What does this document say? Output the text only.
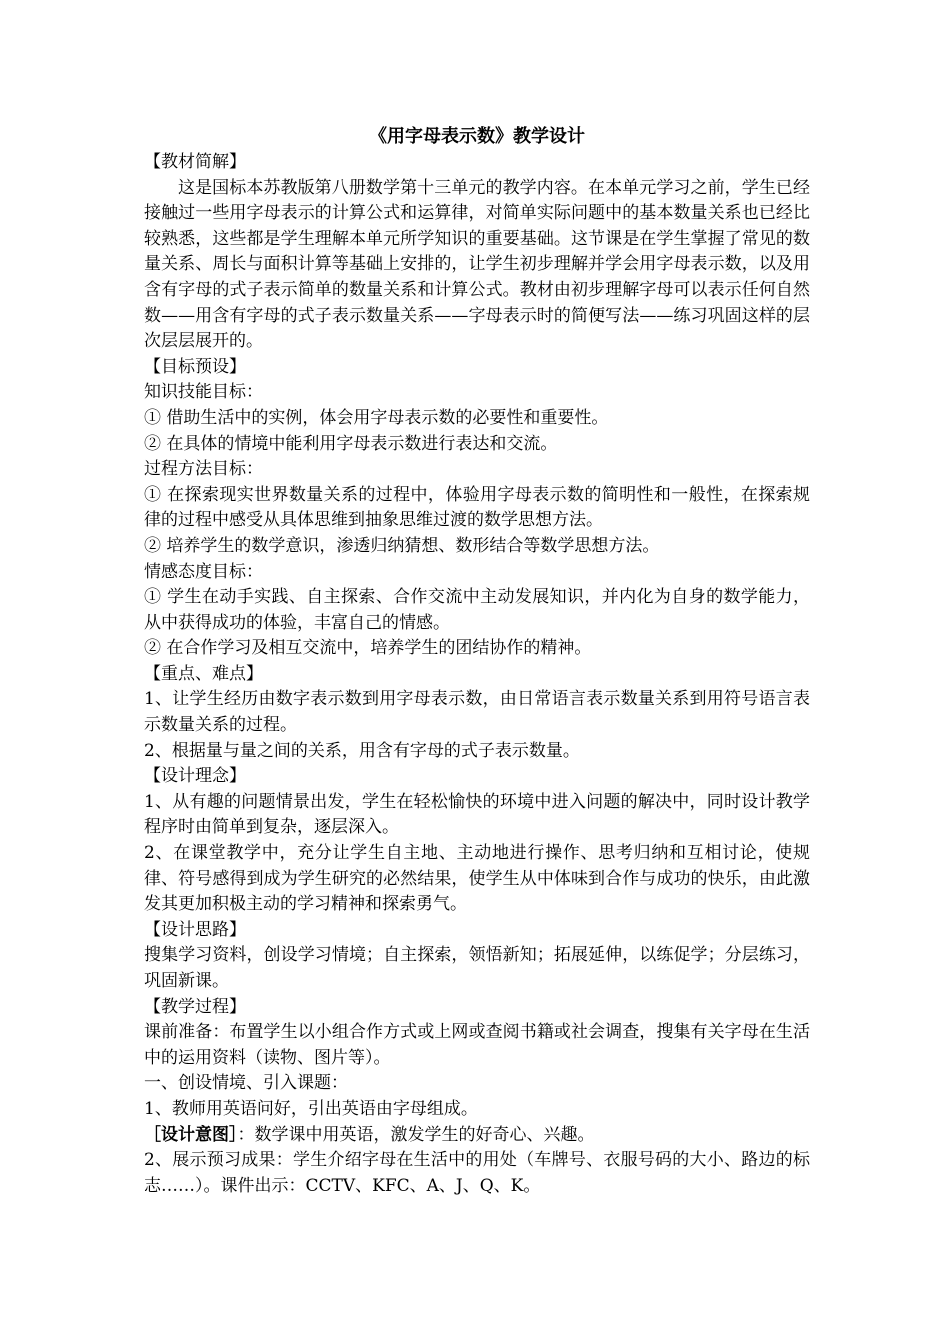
《用字母表示数》教学设计

【教材简解】

这是国标本苏教版第八册数学第十三单元的教学内容。在本单元学习之前，学生已经接触过一些用字母表示的计算公式和运算律，对简单实际问题中的基本数量关系也已经比较熟悉，这些都是学生理解本单元所学知识的重要基础。这节课是在学生掌握了常见的数量关系、周长与面积计算等基础上安排的，让学生初步理解并学会用字母表示数，以及用含有字母的式子表示简单的数量关系和计算公式。教材由初步理解字母可以表示任何自然数——用含有字母的式子表示数量关系——字母表示时的简便写法——练习巩固这样的层次层层展开的。

【目标预设】

知识技能目标：

① 借助生活中的实例，体会用字母表示数的必要性和重要性。

② 在具体的情境中能利用字母表示数进行表达和交流。

过程方法目标：

① 在探索现实世界数量关系的过程中，体验用字母表示数的简明性和一般性，在探索规律的过程中感受从具体思维到抽象思维过渡的数学思想方法。

② 培养学生的数学意识，渗透归纳猜想、数形结合等数学思想方法。

情感态度目标：

① 学生在动手实践、自主探索、合作交流中主动发展知识，并内化为自身的数学能力，从中获得成功的体验，丰富自己的情感。

② 在合作学习及相互交流中，培养学生的团结协作的精神。

【重点、难点】

1、让学生经历由数字表示数到用字母表示数，由日常语言表示数量关系到用符号语言表示数量关系的过程。

2、根据量与量之间的关系，用含有字母的式子表示数量。

【设计理念】

1、从有趣的问题情景出发，学生在轻松愉快的环境中进入问题的解决中，同时设计教学程序时由简单到复杂，逐层深入。

2、在课堂教学中，充分让学生自主地、主动地进行操作、思考归纳和互相讨论，使规律、符号感得到成为学生研究的必然结果，使学生从中体味到合作与成功的快乐，由此激发其更加积极主动的学习精神和探索勇气。

【设计思路】

搜集学习资料，创设学习情境；自主探索，领悟新知；拓展延伸，以练促学；分层练习，巩固新课。

【教学过程】

课前准备：布置学生以小组合作方式或上网或查阅书籍或社会调查，搜集有关字母在生活中的运用资料（读物、图片等）。

一、创设情境、引入课题：

1、教师用英语问好，引出英语由字母组成。

［设计意图］：数学课中用英语，激发学生的好奇心、兴趣。

2、展示预习成果：学生介绍字母在生活中的用处（车牌号、衣服号码的大小、路边的标志……）。课件出示：CCTV、KFC、A、J、Q、K。
